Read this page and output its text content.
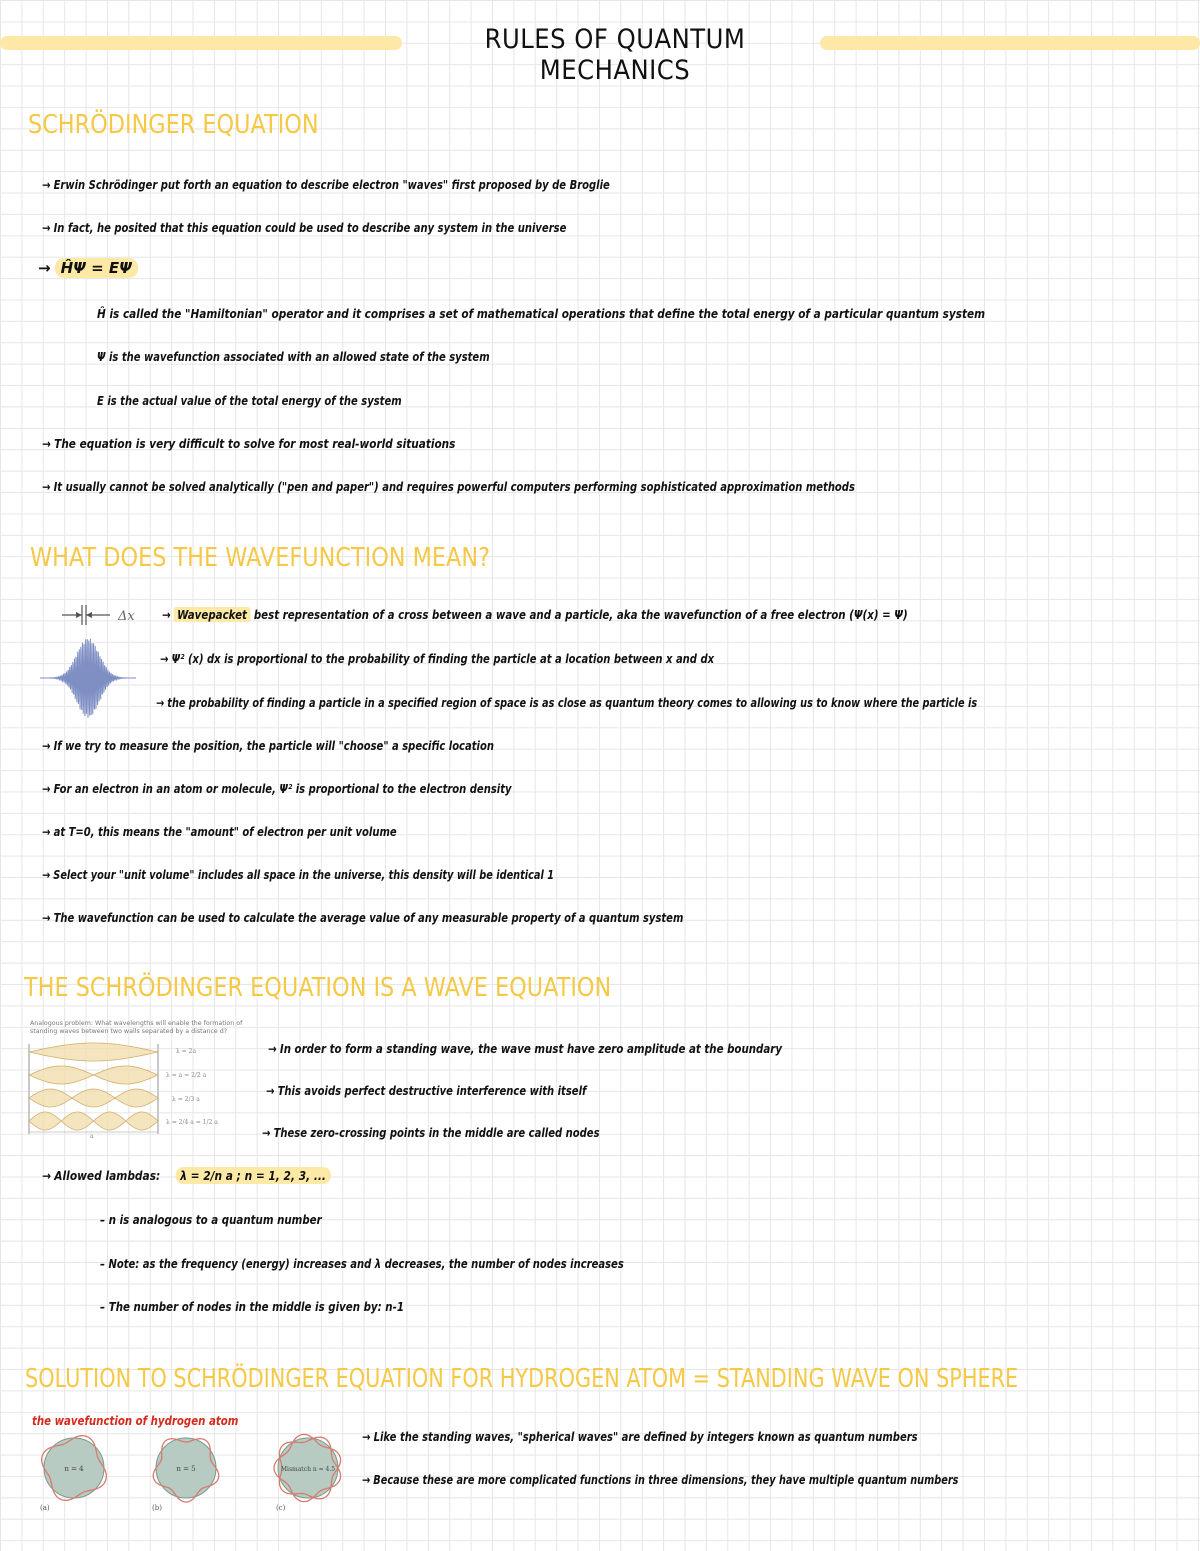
RULES OF QUANTUM MECHANICS
SCHRÖDINGER EQUATION
→ Erwin Schrödinger put forth an equation to describe electron "waves" first proposed by de Broglie
→ In fact, he posited that this equation could be used to describe any system in the universe
→ ĤΨ = EΨ
Ĥ is called the "Hamiltonian" operator and it comprises a set of mathematical operations that define the total energy of a particular quantum system
Ψ is the wavefunction associated with an allowed state of the system
E is the actual value of the total energy of the system
→ The equation is very difficult to solve for most real-world situations
→ It usually cannot be solved analytically ("pen and paper") and requires powerful computers performing sophisticated approximation methods
WHAT DOES THE WAVEFUNCTION MEAN?
Δx → Wavepacket best representation of a cross between a wave and a particle, aka the wavefunction of a free electron (Ψ(x) = Ψ)
→ Ψ² (x) dx is proportional to the probability of finding the particle at a location between x and dx
→ the probability of finding a particle in a specified region of space is as close as quantum theory comes to allowing us to know where the particle is
→ If we try to measure the position, the particle will "choose" a specific location
→ For an electron in an atom or molecule, Ψ² is proportional to the electron density
→ at T=0, this means the "amount" of electron per unit volume
→ Select your "unit volume" includes all space in the universe, this density will be identical 1
→ The wavefunction can be used to calculate the average value of any measurable property of a quantum system
THE SCHRÖDINGER EQUATION IS A WAVE EQUATION
Analogous problem: What wavelengths will enable the formation of standing waves between two walls separated by a distance d?
λ = 2a
λ = a = 2/2 a
λ = 2/3 a
λ = 2/4 a = 1/2 a
a
→ In order to form a standing wave, the wave must have zero amplitude at the boundary
→ This avoids perfect destructive interference with itself
→ These zero-crossing points in the middle are called nodes
→ Allowed lambdas: λ = 2/n a ; n = 1, 2, 3, ...
– n is analogous to a quantum number
– Note: as the frequency (energy) increases and λ decreases, the number of nodes increases
– The number of nodes in the middle is given by: n-1
SOLUTION TO SCHRÖDINGER EQUATION FOR HYDROGEN ATOM = STANDING WAVE ON SPHERE
the wavefunction of hydrogen atom
n = 4
(a)
n = 5
(b)
Mismatch n = 4.5
(c)
→ Like the standing waves, "spherical waves" are defined by integers known as quantum numbers
→ Because these are more complicated functions in three dimensions, they have multiple quantum numbers
